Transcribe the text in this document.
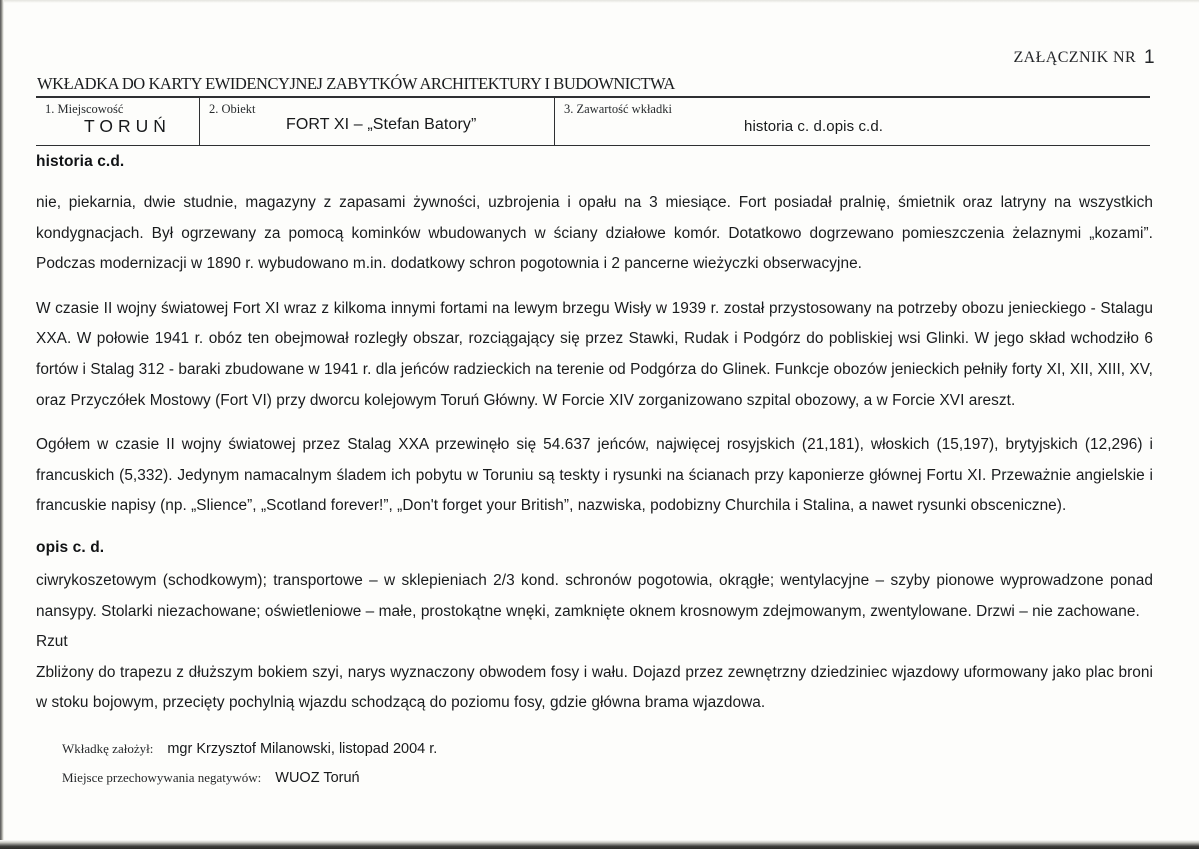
ZAŁĄCZNIK NR 1
WKŁADKA DO KARTY EWIDENCYJNEJ ZABYTKÓW ARCHITEKTURY I BUDOWNICTWA
1. Miejscowość
TORUŃ
2. Obiekt
FORT XI – „Stefan Batory”
3. Zawartość wkładki
historia c. d.opis c.d.
historia c.d.
nie, piekarnia, dwie studnie, magazyny z zapasami żywności, uzbrojenia i opału na 3 miesiące. Fort posiadał pralnię, śmietnik oraz latryny na wszystkich kondygnacjach. Był ogrzewany za pomocą kominków wbudowanych w ściany działowe komór. Dotatkowo dogrzewano pomieszczenia żelaznymi „kozami”. Podczas modernizacji w 1890 r. wybudowano m.in. dodatkowy schron pogotownia i 2 pancerne wieżyczki obserwacyjne.
W czasie II wojny światowej Fort XI wraz z kilkoma innymi fortami na lewym brzegu Wisły w 1939 r. został przystosowany na potrzeby obozu jenieckiego - Stalagu XXA. W połowie 1941 r. obóz ten obejmował rozległy obszar, rozciągający się przez Stawki, Rudak i Podgórz do pobliskiej wsi Glinki. W jego skład wchodziło 6 fortów i Stalag 312 - baraki zbudowane w 1941 r. dla jeńców radzieckich na terenie od Podgórza do Glinek. Funkcje obozów jenieckich pełniły forty XI, XII, XIII, XV, oraz Przyczółek Mostowy (Fort VI) przy dworcu kolejowym Toruń Główny. W Forcie XIV zorganizowano szpital obozowy, a w Forcie XVI areszt.
Ogółem w czasie II wojny światowej przez Stalag XXA przewinęło się 54.637 jeńców, najwięcej rosyjskich (21,181), włoskich (15,197), brytyjskich (12,296) i francuskich (5,332). Jedynym namacalnym śladem ich pobytu w Toruniu są teskty i rysunki na ścianach przy kaponierze głównej Fortu XI. Przeważnie angielskie i francuskie napisy (np. „Slience”, „Scotland forever!”, „Don't forget your British”, nazwiska, podobizny Churchila i Stalina, a nawet rysunki obsceniczne).
opis c. d.
ciwrykoszetowym (schodkowym); transportowe – w sklepieniach 2/3 kond. schronów pogotowia, okrągłe; wentylacyjne – szyby pionowe wyprowadzone ponad nansypy. Stolarki niezachowane; oświetleniowe – małe, prostokątne wnęki, zamknięte oknem krosnowym zdejmowanym, zwentylowane. Drzwi – nie zachowane.
Rzut
Zbliżony do trapezu z dłuższym bokiem szyi, narys wyznaczony obwodem fosy i wału. Dojazd przez zewnętrzny dziedziniec wjazdowy uformowany jako plac broni w stoku bojowym, przecięty pochylnią wjazdu schodzącą do poziomu fosy, gdzie główna brama wjazdowa.
Wkładkę założył: mgr Krzysztof Milanowski, listopad 2004 r.
Miejsce przechowywania negatywów: WUOZ Toruń
